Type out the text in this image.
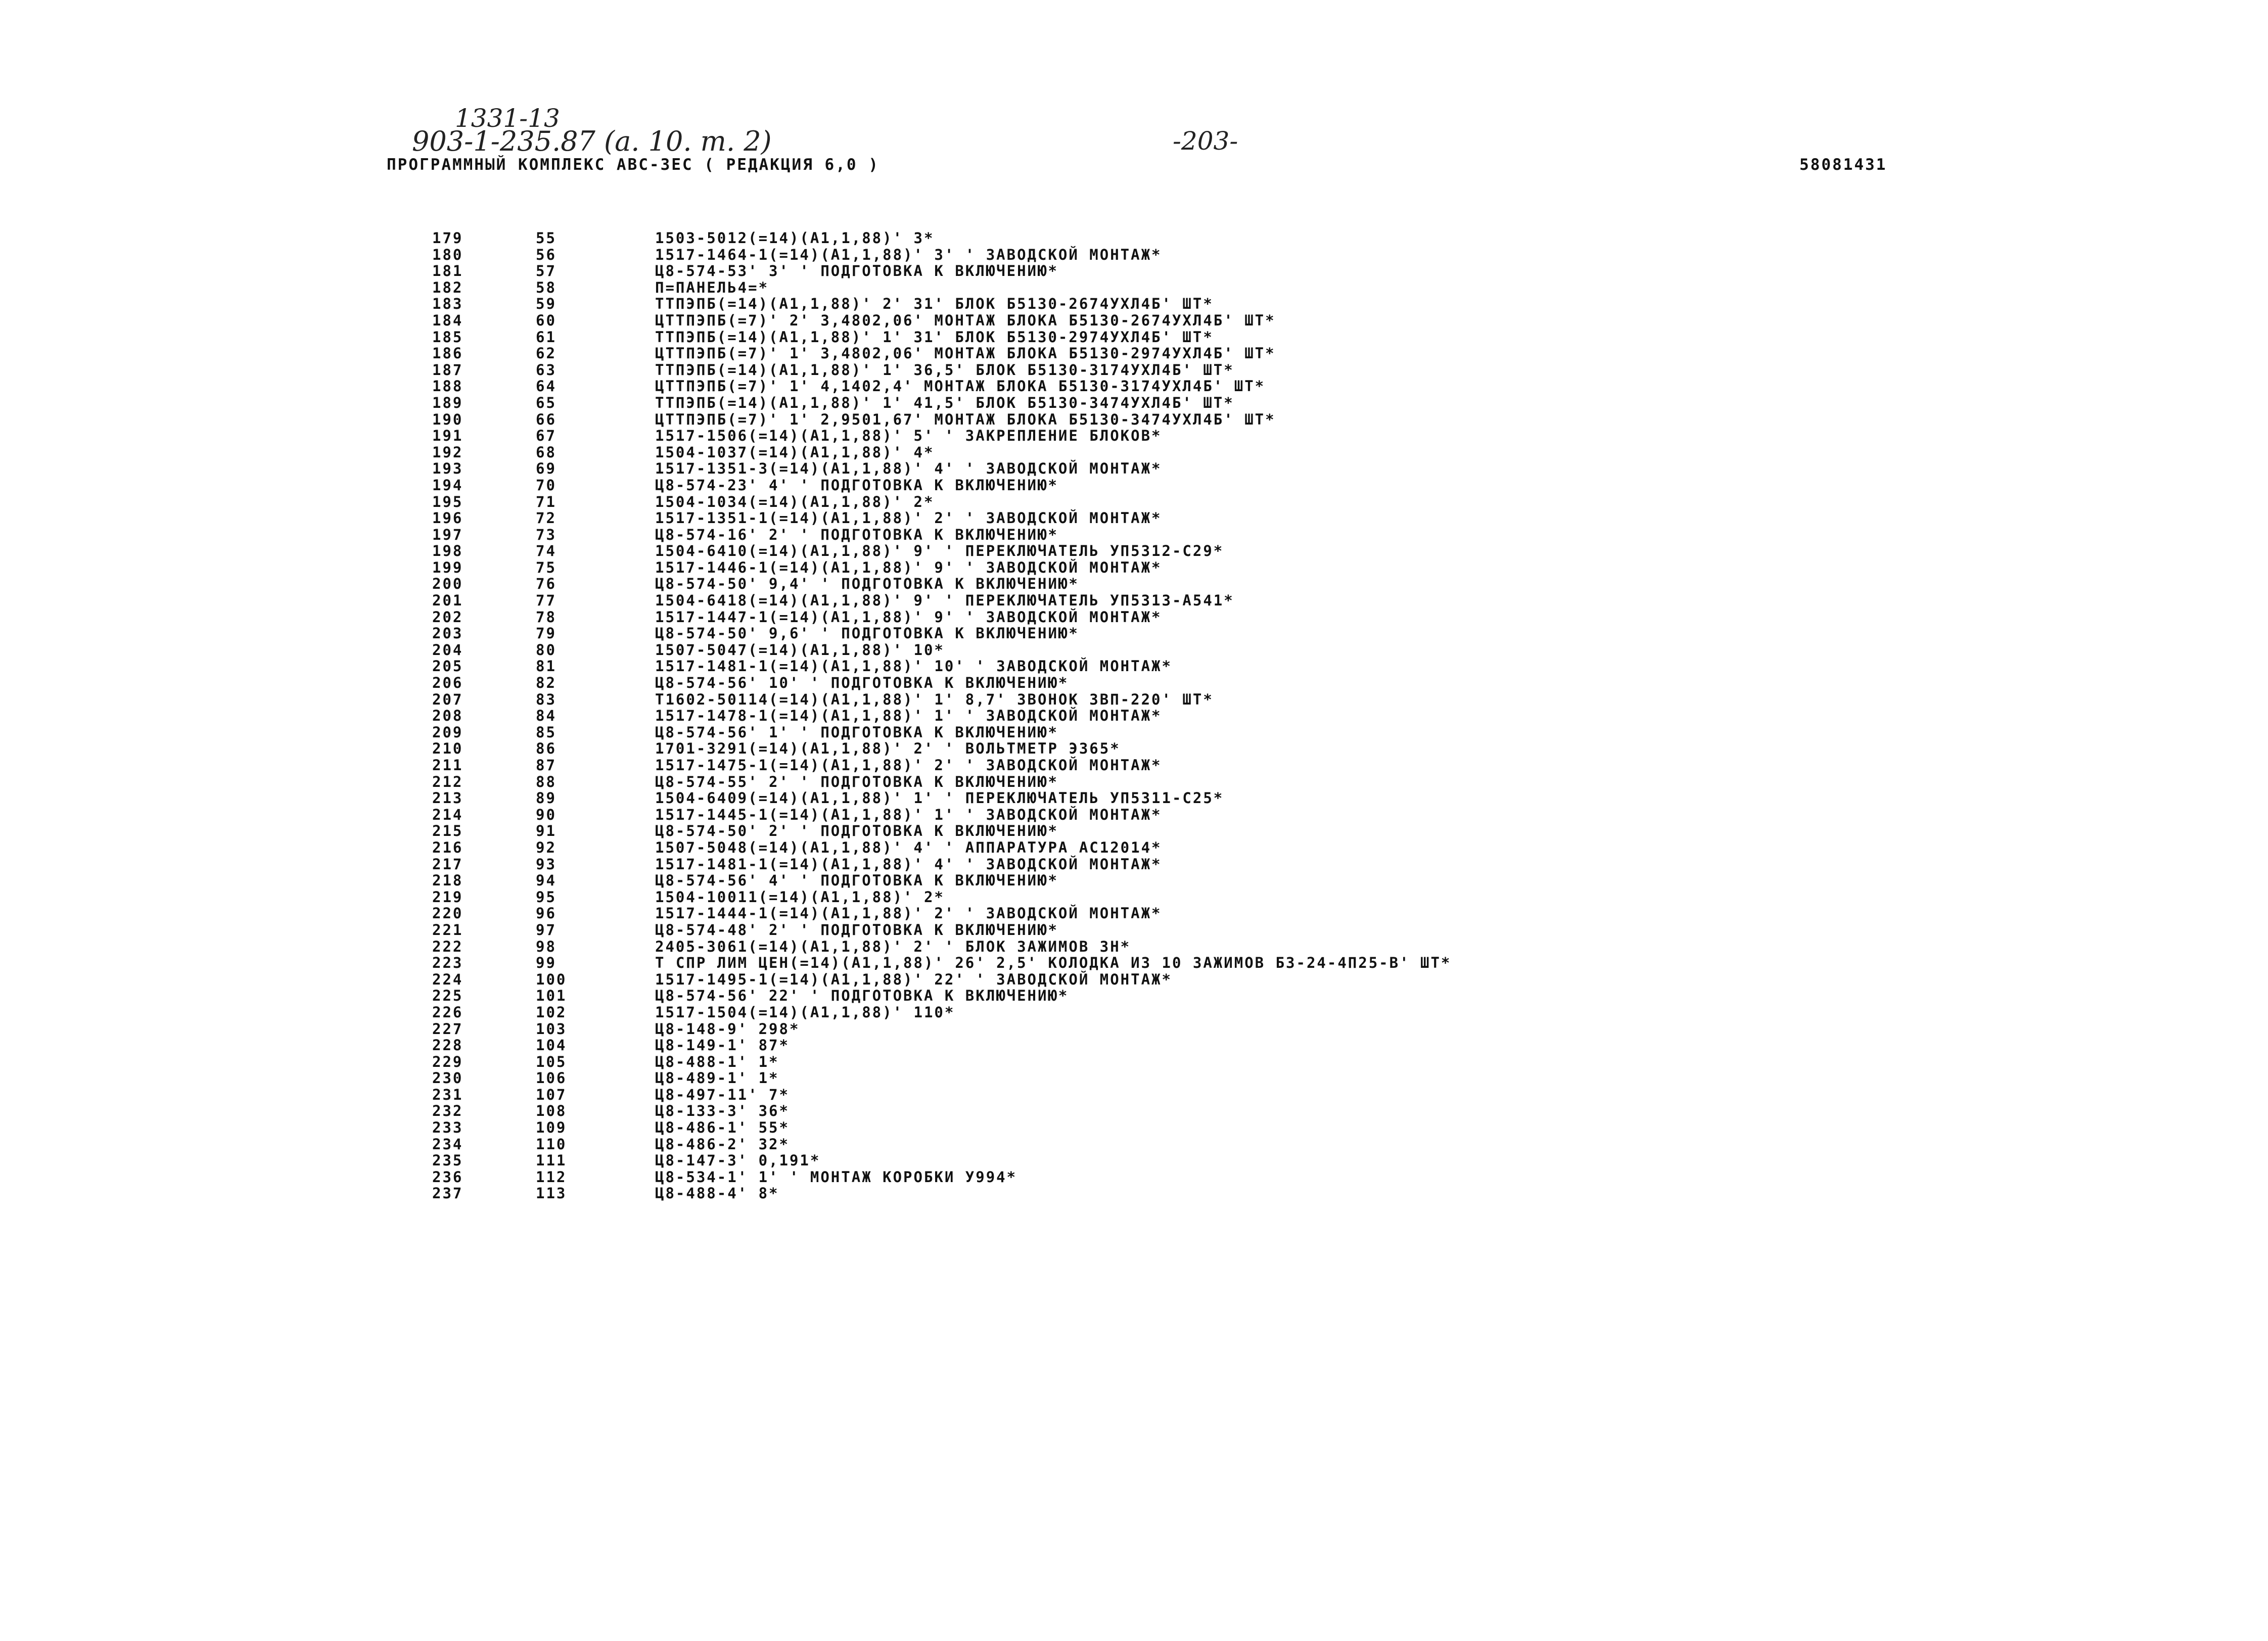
1331-13
903-1-235.87 (a. 10. т. 2)	-203-
ПРОГРАММНЫЙ КОМПЛЕКС АВС-3ЕС ( РЕДАКЦИЯ 6,0 )	58081431
179	55	1503-5012(=14)(А1,1,88)' 3*
180	56	1517-1464-1(=14)(А1,1,88)' 3' ' ЗАВОДСКОЙ МОНТАЖ*
181	57	Ц8-574-53' 3' ' ПОДГОТОВКА К ВКЛЮЧЕНИЮ*
182	58	П=ПАНЕЛЬ4=*
183	59	ТТПЭПБ(=14)(А1,1,88)' 2' 31' БЛОК Б5130-2674УХЛ4Б' ШТ*
184	60	ЦТТПЭПБ(=7)' 2' 3,4802,06' МОНТАЖ БЛОКА Б5130-2674УХЛ4Б' ШТ*
185	61	ТТПЭПБ(=14)(А1,1,88)' 1' 31' БЛОК Б5130-2974УХЛ4Б' ШТ*
186	62	ЦТТПЭПБ(=7)' 1' 3,4802,06' МОНТАЖ БЛОКА Б5130-2974УХЛ4Б' ШТ*
187	63	ТТПЭПБ(=14)(А1,1,88)' 1' 36,5' БЛОК Б5130-3174УХЛ4Б' ШТ*
188	64	ЦТТПЭПБ(=7)' 1' 4,1402,4' МОНТАЖ БЛОКА Б5130-3174УХЛ4Б' ШТ*
189	65	ТТПЭПБ(=14)(А1,1,88)' 1' 41,5' БЛОК Б5130-3474УХЛ4Б' ШТ*
190	66	ЦТТПЭПБ(=7)' 1' 2,9501,67' МОНТАЖ БЛОКА Б5130-3474УХЛ4Б' ШТ*
191	67	1517-1506(=14)(А1,1,88)' 5' ' ЗАКРЕПЛЕНИЕ БЛОКОВ*
192	68	1504-1037(=14)(А1,1,88)' 4*
193	69	1517-1351-3(=14)(А1,1,88)' 4' ' ЗАВОДСКОЙ МОНТАЖ*
194	70	Ц8-574-23' 4' ' ПОДГОТОВКА К ВКЛЮЧЕНИЮ*
195	71	1504-1034(=14)(А1,1,88)' 2*
196	72	1517-1351-1(=14)(А1,1,88)' 2' ' ЗАВОДСКОЙ МОНТАЖ*
197	73	Ц8-574-16' 2' ' ПОДГОТОВКА К ВКЛЮЧЕНИЮ*
198	74	1504-6410(=14)(А1,1,88)' 9' ' ПЕРЕКЛЮЧАТЕЛЬ УП5312-С29*
199	75	1517-1446-1(=14)(А1,1,88)' 9' ' ЗАВОДСКОЙ МОНТАЖ*
200	76	Ц8-574-50' 9,4' ' ПОДГОТОВКА К ВКЛЮЧЕНИЮ*
201	77	1504-6418(=14)(А1,1,88)' 9' ' ПЕРЕКЛЮЧАТЕЛЬ УП5313-А541*
202	78	1517-1447-1(=14)(А1,1,88)' 9' ' ЗАВОДСКОЙ МОНТАЖ*
203	79	Ц8-574-50' 9,6' ' ПОДГОТОВКА К ВКЛЮЧЕНИЮ*
204	80	1507-5047(=14)(А1,1,88)' 10*
205	81	1517-1481-1(=14)(А1,1,88)' 10' ' ЗАВОДСКОЙ МОНТАЖ*
206	82	Ц8-574-56' 10' ' ПОДГОТОВКА К ВКЛЮЧЕНИЮ*
207	83	Т1602-50114(=14)(А1,1,88)' 1' 8,7' ЗВОНОК ЗВП-220' ШТ*
208	84	1517-1478-1(=14)(А1,1,88)' 1' ' ЗАВОДСКОЙ МОНТАЖ*
209	85	Ц8-574-56' 1' ' ПОДГОТОВКА К ВКЛЮЧЕНИЮ*
210	86	1701-3291(=14)(А1,1,88)' 2' ' ВОЛЬТМЕТР Э365*
211	87	1517-1475-1(=14)(А1,1,88)' 2' ' ЗАВОДСКОЙ МОНТАЖ*
212	88	Ц8-574-55' 2' ' ПОДГОТОВКА К ВКЛЮЧЕНИЮ*
213	89	1504-6409(=14)(А1,1,88)' 1' ' ПЕРЕКЛЮЧАТЕЛЬ УП5311-С25*
214	90	1517-1445-1(=14)(А1,1,88)' 1' ' ЗАВОДСКОЙ МОНТАЖ*
215	91	Ц8-574-50' 2' ' ПОДГОТОВКА К ВКЛЮЧЕНИЮ*
216	92	1507-5048(=14)(А1,1,88)' 4' ' АППАРАТУРА АС12014*
217	93	1517-1481-1(=14)(А1,1,88)' 4' ' ЗАВОДСКОЙ МОНТАЖ*
218	94	Ц8-574-56' 4' ' ПОДГОТОВКА К ВКЛЮЧЕНИЮ*
219	95	1504-10011(=14)(А1,1,88)' 2*
220	96	1517-1444-1(=14)(А1,1,88)' 2' ' ЗАВОДСКОЙ МОНТАЖ*
221	97	Ц8-574-48' 2' ' ПОДГОТОВКА К ВКЛЮЧЕНИЮ*
222	98	2405-3061(=14)(А1,1,88)' 2' ' БЛОК ЗАЖИМОВ ЗН*
223	99	Т СПР ЛИМ ЦЕН(=14)(А1,1,88)' 26' 2,5' КОЛОДКА ИЗ 10 ЗАЖИМОВ БЗ-24-4П25-В' ШТ*
224	100	1517-1495-1(=14)(А1,1,88)' 22' ' ЗАВОДСКОЙ МОНТАЖ*
225	101	Ц8-574-56' 22' ' ПОДГОТОВКА К ВКЛЮЧЕНИЮ*
226	102	1517-1504(=14)(А1,1,88)' 110*
227	103	Ц8-148-9' 298*
228	104	Ц8-149-1' 87*
229	105	Ц8-488-1' 1*
230	106	Ц8-489-1' 1*
231	107	Ц8-497-11' 7*
232	108	Ц8-133-3' 36*
233	109	Ц8-486-1' 55*
234	110	Ц8-486-2' 32*
235	111	Ц8-147-3' 0,191*
236	112	Ц8-534-1' 1' ' МОНТАЖ КОРОБКИ У994*
237	113	Ц8-488-4' 8*
